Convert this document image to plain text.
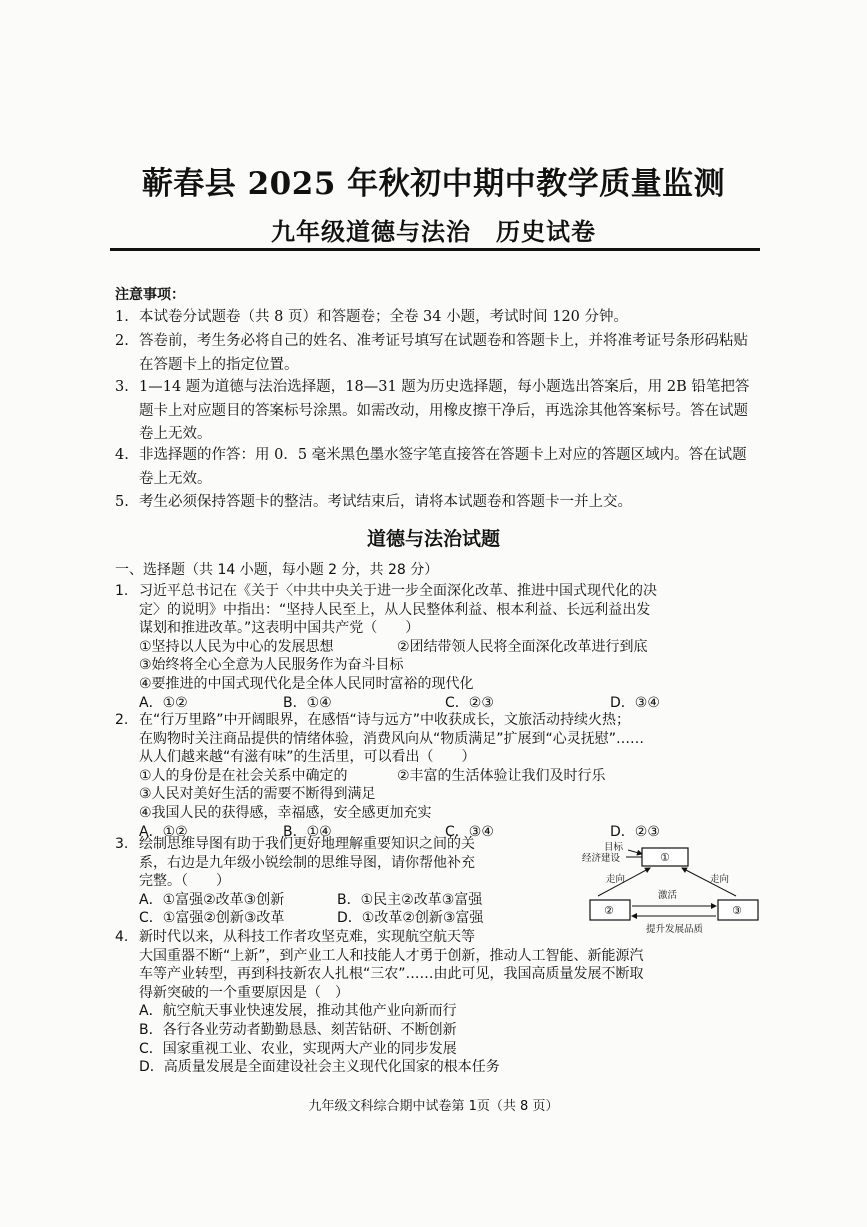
蕲春县 2025 年秋初中期中教学质量监测
九年级道德与法治　历史试卷
注意事项：
1. 本试卷分试题卷（共 8 页）和答题卷；全卷 34 小题，考试时间 120 分钟。
2. 答卷前，考生务必将自己的姓名、准考证号填写在试题卷和答题卡上，并将准考证号条形码粘贴在答题卡上的指定位置。
3. 1—14 题为道德与法治选择题，18—31 题为历史选择题，每小题选出答案后，用 2B 铅笔把答题卡上对应题目的答案标号涂黑。如需改动，用橡皮擦干净后，再选涂其他答案标号。答在试题卷上无效。
4. 非选择题的作答：用 0．5 毫米黑色墨水签字笔直接答在答题卡上对应的答题区域内。答在试题卷上无效。
5. 考生必须保持答题卡的整洁。考试结束后，请将本试题卷和答题卡一并上交。
道德与法治试题
一、选择题（共 14 小题，每小题 2 分，共 28 分）
1. 习近平总书记在《关于〈中共中央关于进一步全面深化改革、推进中国式现代化的决
定〉的说明》中指出：“坚持人民至上，从人民整体利益、根本利益、长远利益出发
谋划和推进改革。”这表明中国共产党（　　）
①坚持以人民为中心的发展思想	②团结带领人民将全面深化改革进行到底
③始终将全心全意为人民服务作为奋斗目标
④要推进的中国式现代化是全体人民同时富裕的现代化
A．①②	B．①④	C．②③	D．③④
2. 在“行万里路”中开阔眼界，在感悟“诗与远方”中收获成长，文旅活动持续火热；
在购物时关注商品提供的情绪体验，消费风向从“物质满足”扩展到“心灵抚慰”……
从人们越来越“有滋有味”的生活里，可以看出（　　）
①人的身份是在社会关系中确定的	②丰富的生活体验让我们及时行乐
③人民对美好生活的需要不断得到满足
④我国人民的获得感，幸福感，安全感更加充实
A．①②	B．①④	C．③④	D．②③
3. 绘制思维导图有助于我们更好地理解重要知识之间的关
系，右边是九年级小锐绘制的思维导图，请你帮他补充
完整。（　　）
A．①富强②改革③创新	B．①民主②改革③富强
C．①富强②创新③改革	D．①改革②创新③富强
经济建设
目标
①
走向	走向
②	③
激活
提升发展品质
4. 新时代以来，从科技工作者攻坚克难，实现航空航天等
大国重器不断“上新”，到产业工人和技能人才勇于创新，推动人工智能、新能源汽
车等产业转型，再到科技新农人扎根“三农”……由此可见，我国高质量发展不断取
得新突破的一个重要原因是（　）
A．航空航天事业快速发展，推动其他产业向新而行
B．各行各业劳动者勤勤恳恳、刻苦钻研、不断创新
C．国家重视工业、农业，实现两大产业的同步发展
D．高质量发展是全面建设社会主义现代化国家的根本任务
九年级文科综合期中试卷第 1页（共 8 页）
